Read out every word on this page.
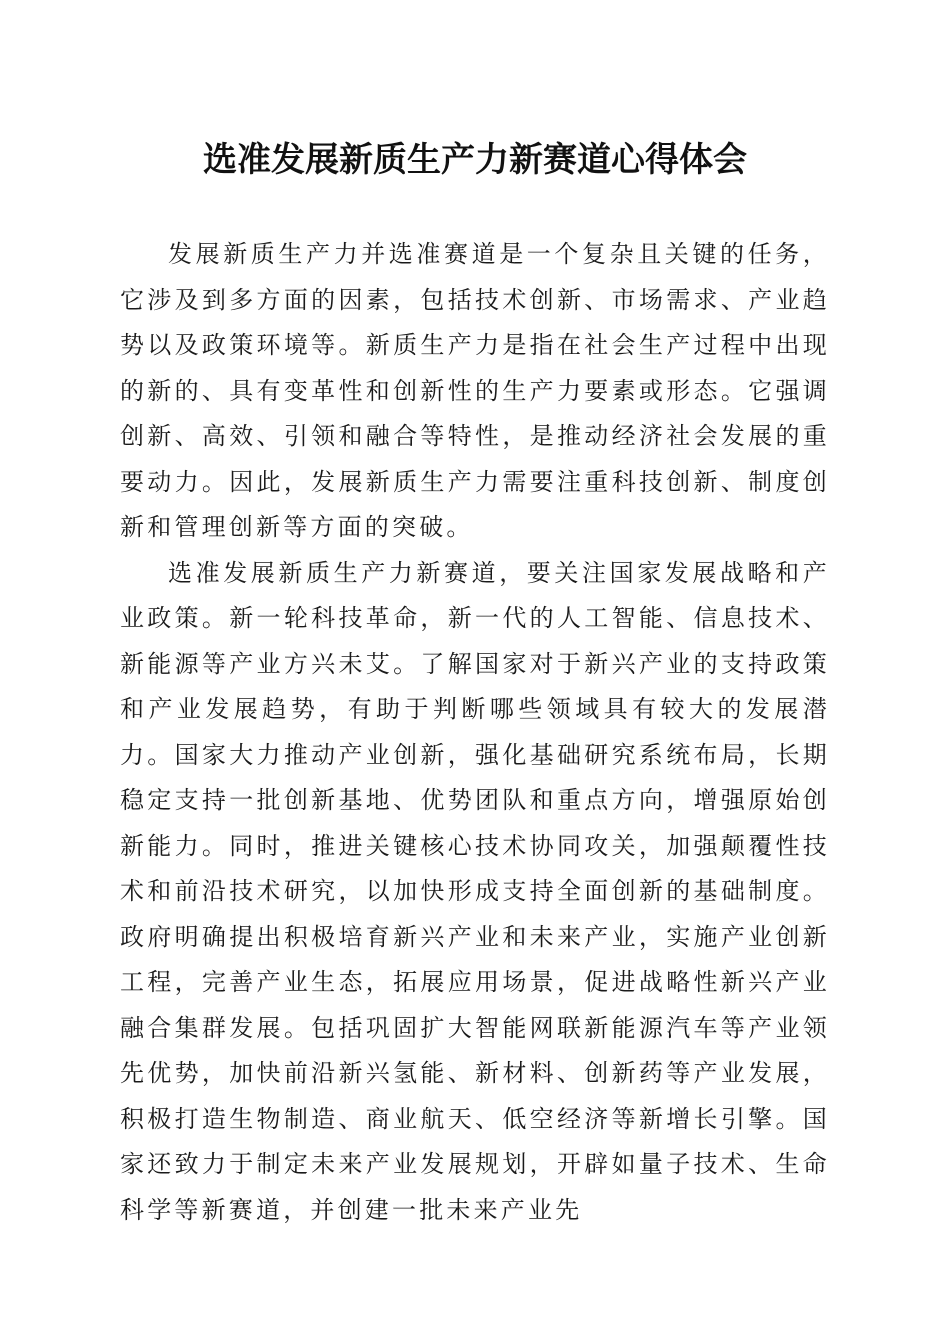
选准发展新质生产力新赛道心得体会

发展新质生产力并选准赛道是一个复杂且关键的任务，它涉及到多方面的因素，包括技术创新、市场需求、产业趋势以及政策环境等。新质生产力是指在社会生产过程中出现的新的、具有变革性和创新性的生产力要素或形态。它强调创新、高效、引领和融合等特性，是推动经济社会发展的重要动力。因此，发展新质生产力需要注重科技创新、制度创新和管理创新等方面的突破。

选准发展新质生产力新赛道，要关注国家发展战略和产业政策。新一轮科技革命，新一代的人工智能、信息技术、新能源等产业方兴未艾。了解国家对于新兴产业的支持政策和产业发展趋势，有助于判断哪些领域具有较大的发展潜力。国家大力推动产业创新，强化基础研究系统布局，长期稳定支持一批创新基地、优势团队和重点方向，增强原始创新能力。同时，推进关键核心技术协同攻关，加强颠覆性技术和前沿技术研究，以加快形成支持全面创新的基础制度。政府明确提出积极培育新兴产业和未来产业，实施产业创新工程，完善产业生态，拓展应用场景，促进战略性新兴产业融合集群发展。包括巩固扩大智能网联新能源汽车等产业领先优势，加快前沿新兴氢能、新材料、创新药等产业发展，积极打造生物制造、商业航天、低空经济等新增长引擎。国家还致力于制定未来产业发展规划，开辟如量子技术、生命科学等新赛道，并创建一批未来产业先
